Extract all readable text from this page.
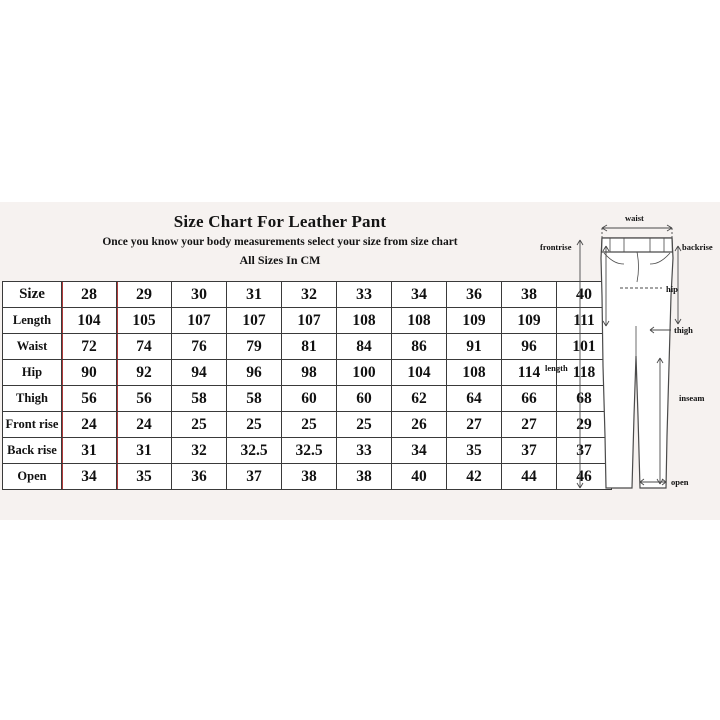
Size Chart For Leather Pant
Once you know your body measurements select your size from size chart
All Sizes In CM
Size	28	29	30	31	32	33	34	36	38	40
Length	104	105	107	107	107	108	108	109	109	111
Waist	72	74	76	79	81	84	86	91	96	101
Hip	90	92	94	96	98	100	104	108	114	118
Thigh	56	56	58	58	60	60	62	64	66	68
Front rise	24	24	25	25	25	25	26	27	27	29
Back rise	31	31	32	32.5	32.5	33	34	35	37	37
Open	34	35	36	37	38	38	40	42	44	46
waist
frontrise	backrise
hip
thigh
length
inseam
open
